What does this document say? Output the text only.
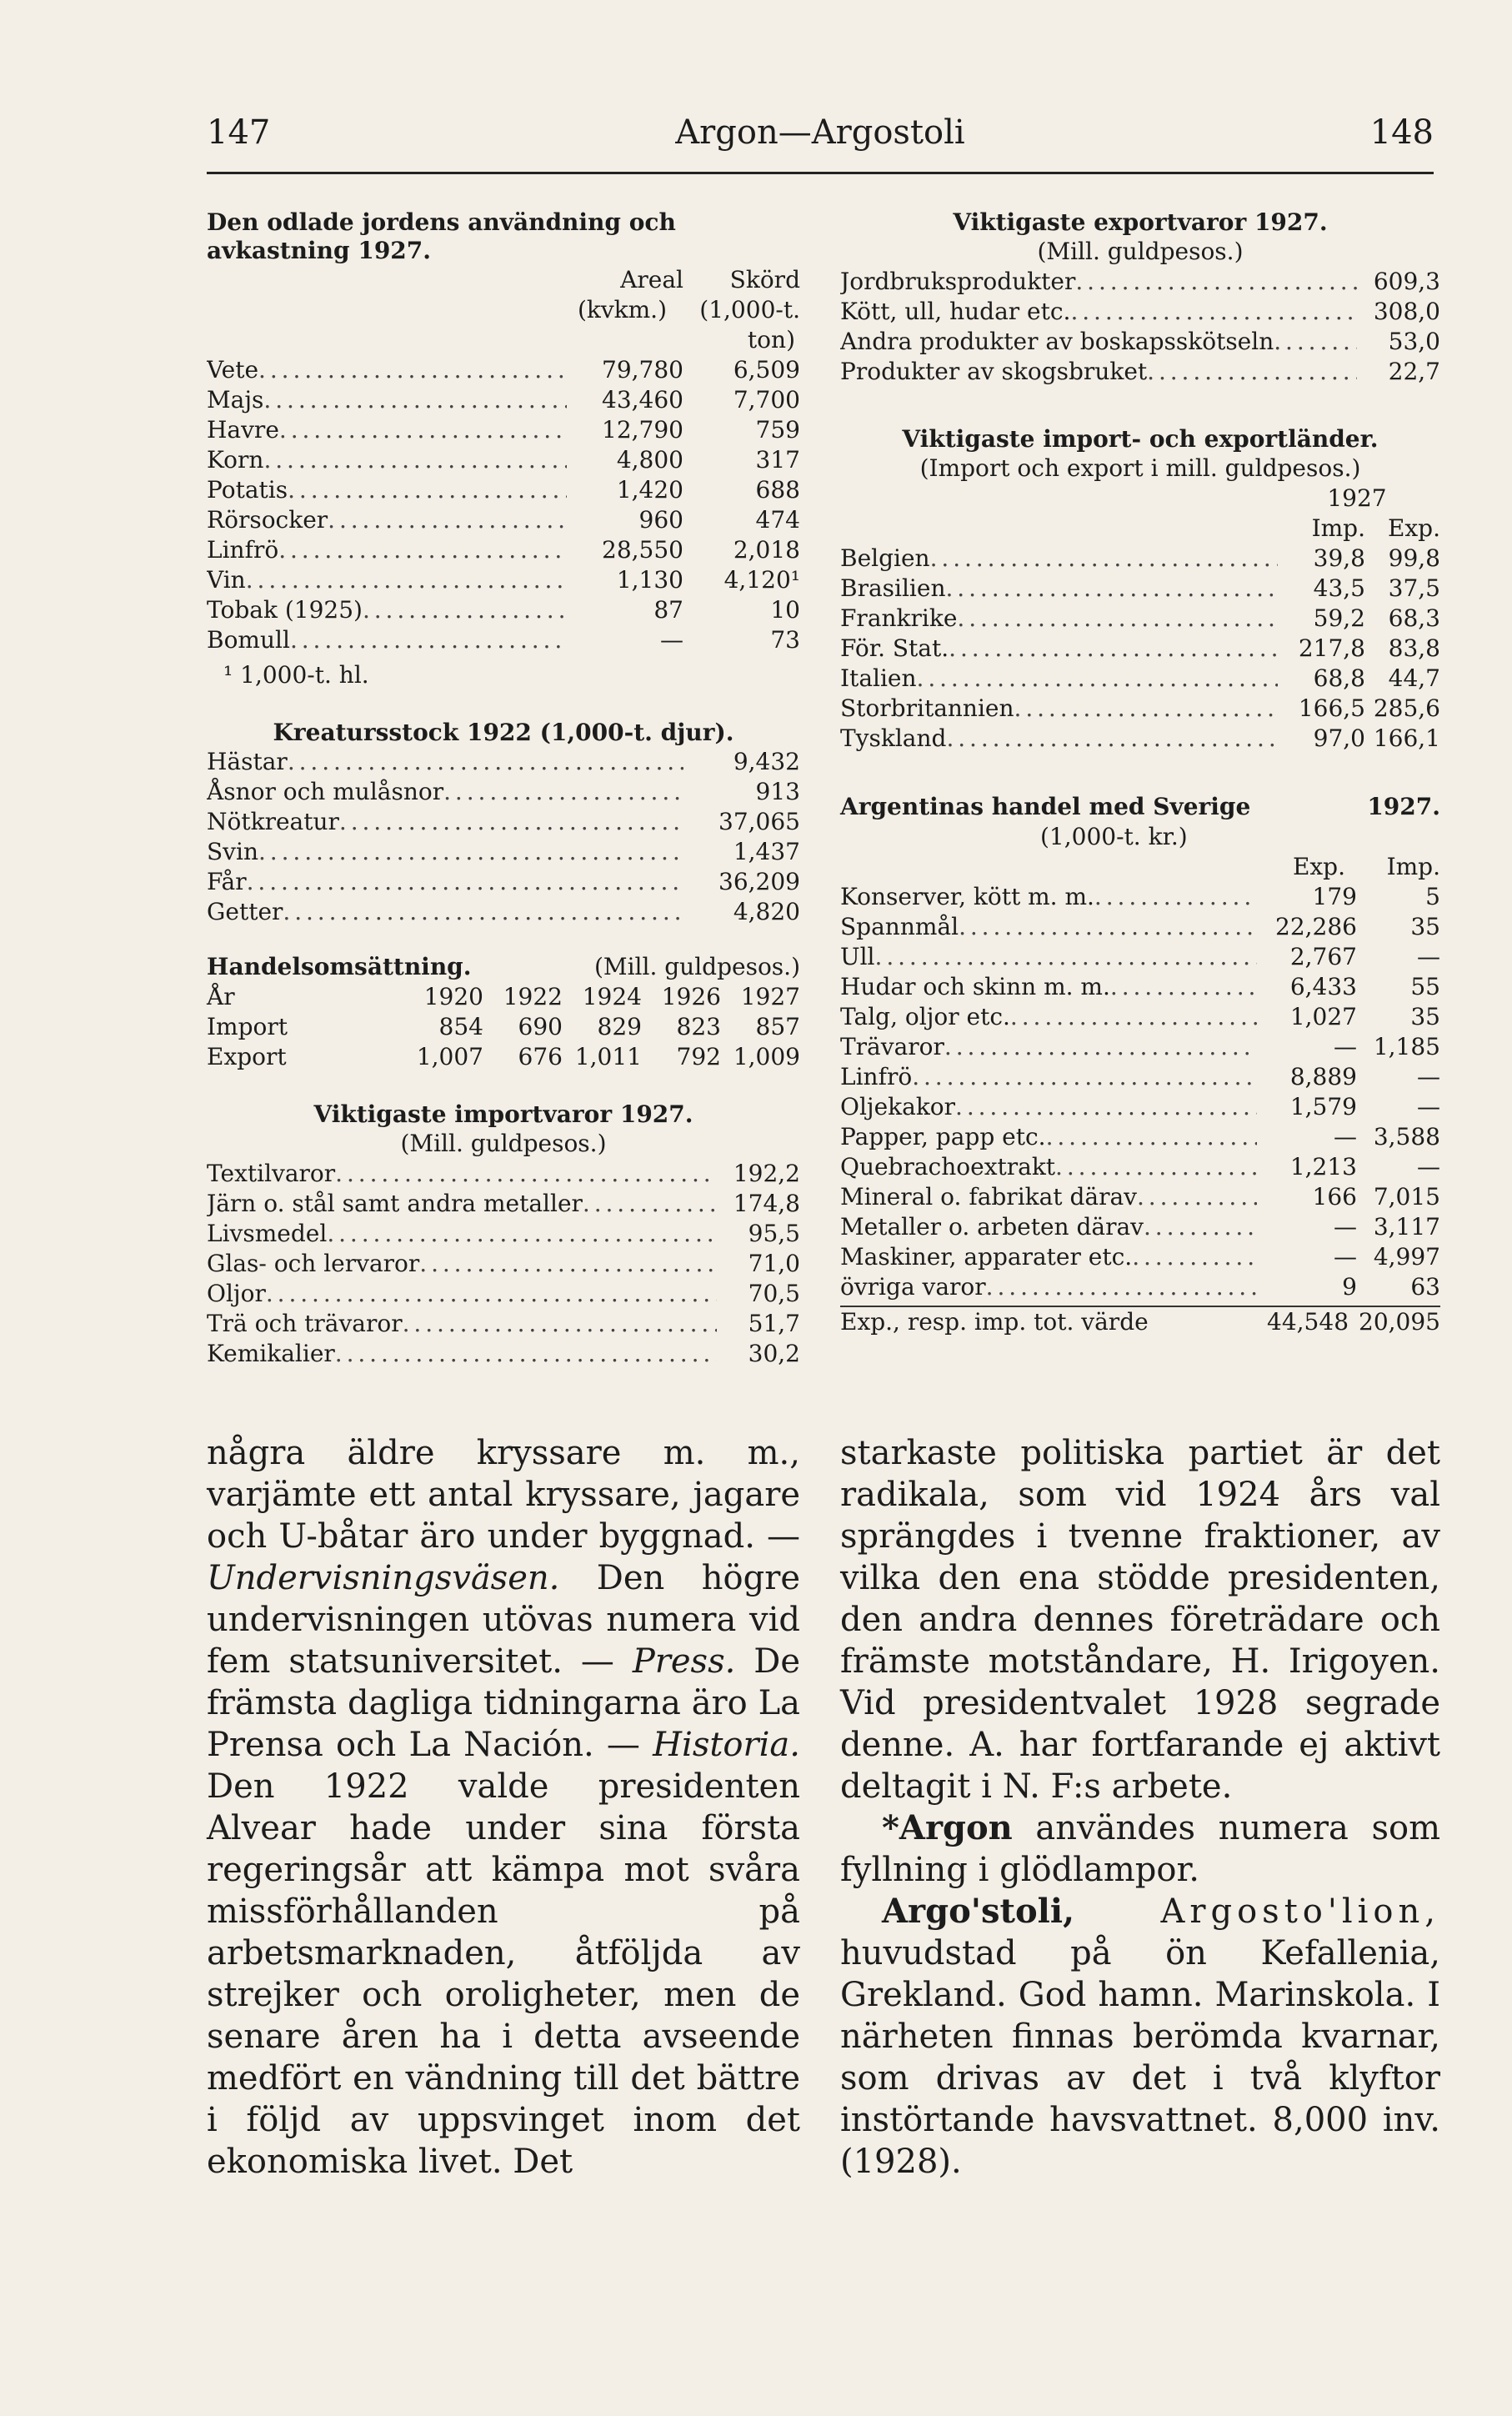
147	Argon—Argostoli	148
Den odlade jordens användning och avkastning 1927.
Areal	Skörd
(kvkm.)	(1,000-t.
ton)
Vete . . .	79,780	6,509
Majs . . .	43,460	7,700
Havre . . .	12,790	759
Korn . . .	4,800	317
Potatis . . .	1,420	688
Rörsocker . . .	960	474
Linfrö . . .	28,550	2,018
Vin . . .	1,130	4,120¹
Tobak (1925) . . .	87	10
Bomull . . .	—	73
¹ 1,000-t. hl.
Kreatursstock 1922 (1,000-t. djur).
Hästar . . .	9,432
Åsnor och mulåsnor . . .	913
Nötkreatur . . .	37,065
Svin . . .	1,437
Får . . .	36,209
Getter . . .	4,820
Handelsomsättning.	(Mill. guldpesos.)
År	1920 1922 1924 1926 1927
Import	854	690	829	823	857
Export	1,007	676 1,011	792 1,009
Viktigaste importvaror 1927.
(Mill. guldpesos.)
Textilvaror . . .	192,2
Järn o. stål samt andra metaller . . .	174,8
Livsmedel . . .	95,5
Glas- och lervaror . . .	71,0
Oljor . . .	70,5
Trä och trävaror . . .	51,7
Kemikalier . . .	30,2
Viktigaste exportvaror 1927.
(Mill. guldpesos.)
Jordbruksprodukter . . .	609,3
Kött, ull, hudar etc. . . .	308,0
Andra produkter av boskapsskötseln . . .	53,0
Produkter av skogsbruket . . .	22,7
Viktigaste import- och exportländer.
(Import och export i mill. guldpesos.)
1927
Imp. Exp.
Belgien . . .	39,8 99,8
Brasilien . . .	43,5 37,5
Frankrike . . .	59,2 68,3
För. Stat. . . .	217,8 83,8
Italien . . .	68,8 44,7
Storbritannien . . .	166,5 285,6
Tyskland . . .	97,0 166,1
Argentinas handel med Sverige	1927.
(1,000-t. kr.)
Exp.	Imp.
Konserver, kött m. m. . . .	179	5
Spannmål . . .	22,286	35
Ull . . .	2,767	—
Hudar och skinn m. m. . . .	6,433	55
Talg, oljor etc. . . .	1,027	35
Trävaror . . .	— 1,185
Linfrö . . .	8,889	—
Oljekakor . . .	1,579	—
Papper, papp etc. . . .	— 3,588
Quebrachoextrakt . . .	1,213	—
Mineral o. fabrikat därav . . .	166 7,015
Metaller o. arbeten därav . . .	— 3,117
Maskiner, apparater etc. . . .	— 4,997
övriga varor . . .	9	63
Exp., resp. imp. tot. värde	44,548 20,095

några äldre kryssare m. m., varjämte ett antal kryssare, jagare och U-båtar äro under byggnad. — Undervisningsväsen. Den högre undervisningen utövas numera vid fem statsuniversitet. — Press. De främsta dagliga tidningarna äro La Prensa och La Nación. — Historia. Den 1922 valde presidenten Alvear hade under sina första regeringsår att kämpa mot svåra missförhållanden på arbetsmarknaden, åtföljda av strejker och oroligheter, men de senare åren ha i detta avseende medfört en vändning till det bättre i följd av uppsvinget inom det ekonomiska livet. Det

starkaste politiska partiet är det radikala, som vid 1924 års val sprängdes i tvenne fraktioner, av vilka den ena stödde presidenten, den andra dennes företrädare och främste motståndare, H. Irigoyen. Vid presidentvalet 1928 segrade denne. A. har fortfarande ej aktivt deltagit i N. F:s arbete.

*Argon användes numera som fyllning i glödlampor.

Argo'stoli,	Argosto'lion, huvudstad på ön Kefallenia, Grekland. God hamn. Marinskola. I närheten finnas berömda kvarnar, som drivas av det i två klyftor instörtande havsvattnet. 8,000 inv. (1928).
